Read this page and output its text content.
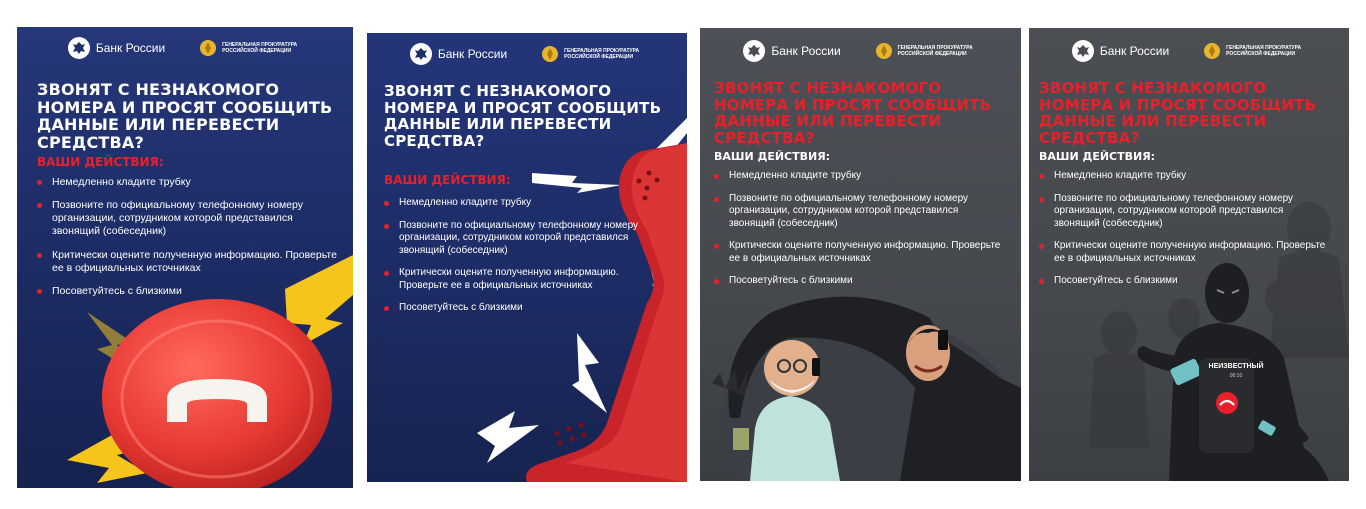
Банк России	ГЕНЕРАЛЬНАЯ ПРОКУРАТУРА РОССИЙСКОЙ ФЕДЕРАЦИИ
ЗВОНЯТ С НЕЗНАКОМОГО НОМЕРА И ПРОСЯТ СООБЩИТЬ ДАННЫЕ ИЛИ ПЕРЕВЕСТИ СРЕДСТВА?
ВАШИ ДЕЙСТВИЯ:
Немедленно кладите трубку
Позвоните по официальному телефонному номеру организации, сотрудником которой представился звонящий (собеседник)
Критически оцените полученную информацию. Проверьте ее в официальных источниках
Посоветуйтесь с близкими
Банк России	ГЕНЕРАЛЬНАЯ ПРОКУРАТУРА РОССИЙСКОЙ ФЕДЕРАЦИИ
ЗВОНЯТ С НЕЗНАКОМОГО НОМЕРА И ПРОСЯТ СООБЩИТЬ ДАННЫЕ ИЛИ ПЕРЕВЕСТИ СРЕДСТВА?
ВАШИ ДЕЙСТВИЯ:
Немедленно кладите трубку
Позвоните по официальному телефонному номеру организации, сотрудником которой представился звонящий (собеседник)
Критически оцените полученную информацию. Проверьте ее в официальных источниках
Посоветуйтесь с близкими
Банк России	ГЕНЕРАЛЬНАЯ ПРОКУРАТУРА РОССИЙСКОЙ ФЕДЕРАЦИИ
ЗВОНЯТ С НЕЗНАКОМОГО НОМЕРА И ПРОСЯТ СООБЩИТЬ ДАННЫЕ ИЛИ ПЕРЕВЕСТИ СРЕДСТВА?
ВАШИ ДЕЙСТВИЯ:
Немедленно кладите трубку
Позвоните по официальному телефонному номеру организации, сотрудником которой представился звонящий (собеседник)
Критически оцените полученную информацию. Проверьте ее в официальных источниках
Посоветуйтесь с близкими
Банк России	ГЕНЕРАЛЬНАЯ ПРОКУРАТУРА РОССИЙСКОЙ ФЕДЕРАЦИИ
ЗВОНЯТ С НЕЗНАКОМОГО НОМЕРА И ПРОСЯТ СООБЩИТЬ ДАННЫЕ ИЛИ ПЕРЕВЕСТИ СРЕДСТВА?
ВАШИ ДЕЙСТВИЯ:
Немедленно кладите трубку
Позвоните по официальному телефонному номеру организации, сотрудником которой представился звонящий (собеседник)
Критически оцените полученную информацию. Проверьте ее в официальных источниках
Посоветуйтесь с близкими
НЕИЗВЕСТНЫЙ
00:10
